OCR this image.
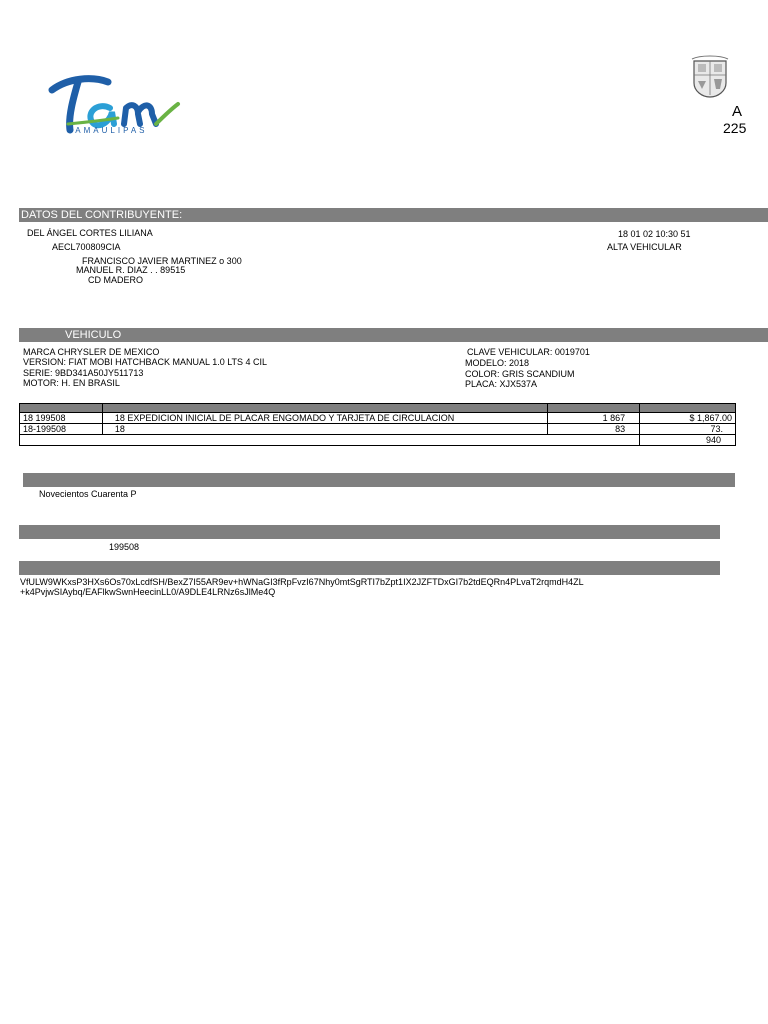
TAMAULIPAS
A
225
DATOS DEL CONTRIBUYENTE:
DEL ÁNGEL CORTES LILIANA
AECL700809CIA
FRANCISCO JAVIER MARTINEZ o 300
MANUEL R. DIAZ . . 89515
CD MADERO
18 01 02 10:30 51
ALTA VEHICULAR
VEHICULO
MARCA CHRYSLER DE MEXICO
VERSION: FIAT MOBI HATCHBACK MANUAL 1.0 LTS 4 CIL
SERIE: 9BD341A50JY511713
MOTOR: H. EN BRASIL
CLAVE VEHICULAR: 0019701
MODELO: 2018
COLOR: GRIS SCANDIUM
PLACA: XJX537A

18 199508	18 EXPEDICION INICIAL DE PLACAR ENGOMADO Y TARJETA DE CIRCULACION	1 867	$ 1,867.00
18-199508	18	83	73.
			940
Novecientos Cuarenta P
199508
VfULW9WKxsP3HXs6Os70xLcdfSH/BexZ7I55AR9ev+hWNaGI3fRpFvzI67Nhy0mtSgRTI7bZpt1IX2JZFTDxGI7b2tdEQRn4PLvaT2rqmdH4ZL
+k4PvjwSIAybq/EAFlkwSwnHeecinLL0/A9DLE4LRNz6sJlMe4Q
